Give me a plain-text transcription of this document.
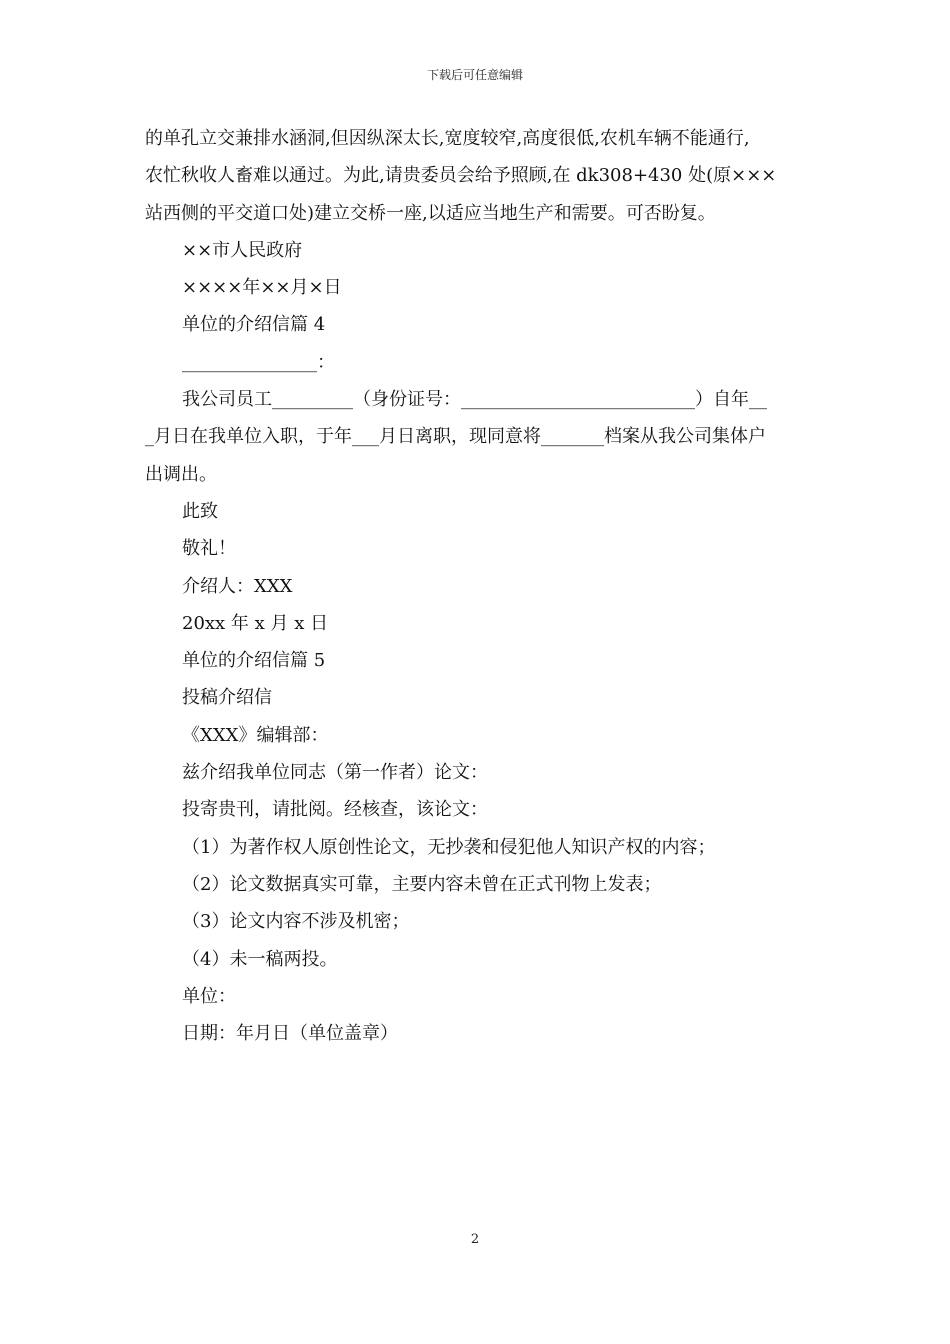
下载后可任意编辑
的单孔立交兼排水涵洞,但因纵深太长,宽度较窄,高度很低,农机车辆不能通行,
农忙秋收人畜难以通过。为此,请贵委员会给予照顾,在 dk308+430 处(原×××
站西侧的平交道口处)建立交桥一座,以适应当地生产和需要。可否盼复。
××市人民政府
××××年××月×日
单位的介绍信篇 4
_______________：
我公司员工_________（身份证号：__________________________）自年__
_月日在我单位入职，于年___月日离职，现同意将_______档案从我公司集体户
出调出。
此致
敬礼！
介绍人：XXX
20xx 年 x 月 x 日
单位的介绍信篇 5
投稿介绍信
《XXX》编辑部：
兹介绍我单位同志（第一作者）论文：
投寄贵刊，请批阅。经核查，该论文：
（1）为著作权人原创性论文，无抄袭和侵犯他人知识产权的内容；
（2）论文数据真实可靠，主要内容未曾在正式刊物上发表；
（3）论文内容不涉及机密；
（4）未一稿两投。
单位：
日期：年月日（单位盖章）
2
